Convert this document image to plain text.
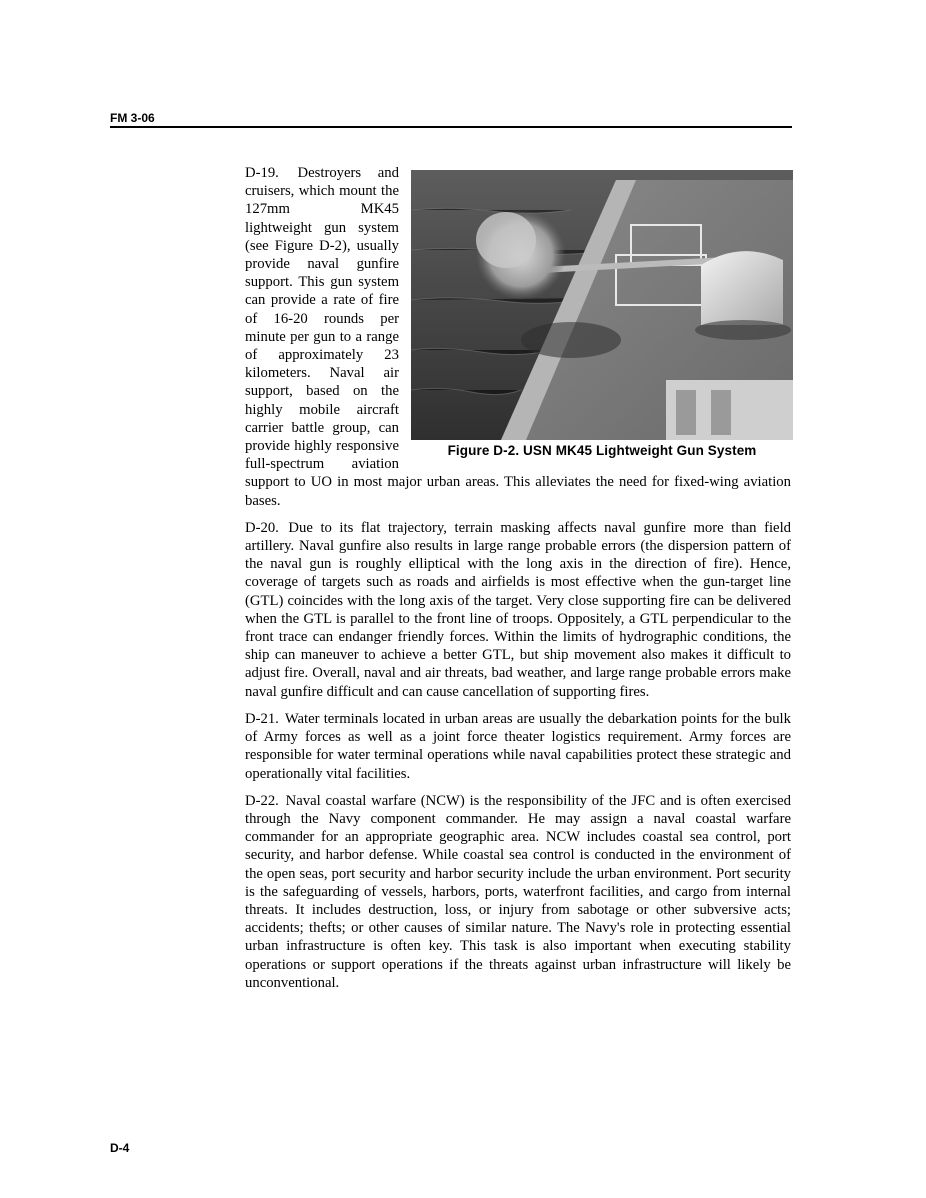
FM 3-06
Figure D-2. USN MK45 Lightweight Gun System

D-19. Destroyers and cruisers, which mount the 127mm MK45 lightweight gun system (see Figure D-2), usually provide naval gunfire support. This gun system can provide a rate of fire of 16-20 rounds per minute per gun to a range of approximately 23 kilometers. Naval air support, based on the highly mobile aircraft carrier battle group, can provide highly responsive full-spectrum aviation support to UO in most major urban areas. This alleviates the need for fixed-wing aviation bases.

D-20. Due to its flat trajectory, terrain masking affects naval gunfire more than field artillery. Naval gunfire also results in large range probable errors (the dispersion pattern of the naval gun is roughly elliptical with the long axis in the direction of fire). Hence, coverage of targets such as roads and airfields is most effective when the gun-target line (GTL) coincides with the long axis of the target. Very close supporting fire can be delivered when the GTL is parallel to the front line of troops. Oppositely, a GTL perpendicular to the front trace can endanger friendly forces. Within the limits of hydrographic conditions, the ship can maneuver to achieve a better GTL, but ship movement also makes it difficult to adjust fire. Overall, naval and air threats, bad weather, and large range probable errors make naval gunfire difficult and can cause cancellation of supporting fires.

D-21. Water terminals located in urban areas are usually the debarkation points for the bulk of Army forces as well as a joint force theater logistics requirement. Army forces are responsible for water terminal operations while naval capabilities protect these strategic and operationally vital facilities.

D-22. Naval coastal warfare (NCW) is the responsibility of the JFC and is often exercised through the Navy component commander. He may assign a naval coastal warfare commander for an appropriate geographic area. NCW includes coastal sea control, port security, and harbor defense. While coastal sea control is conducted in the environment of the open seas, port security and harbor security include the urban environment. Port security is the safeguarding of vessels, harbors, ports, waterfront facilities, and cargo from internal threats. It includes destruction, loss, or injury from sabotage or other subversive acts; accidents; thefts; or other causes of similar nature. The Navy's role in protecting essential urban infrastructure is often key. This task is also important when executing stability operations or support operations if the threats against urban infrastructure will likely be unconventional.

D-4
